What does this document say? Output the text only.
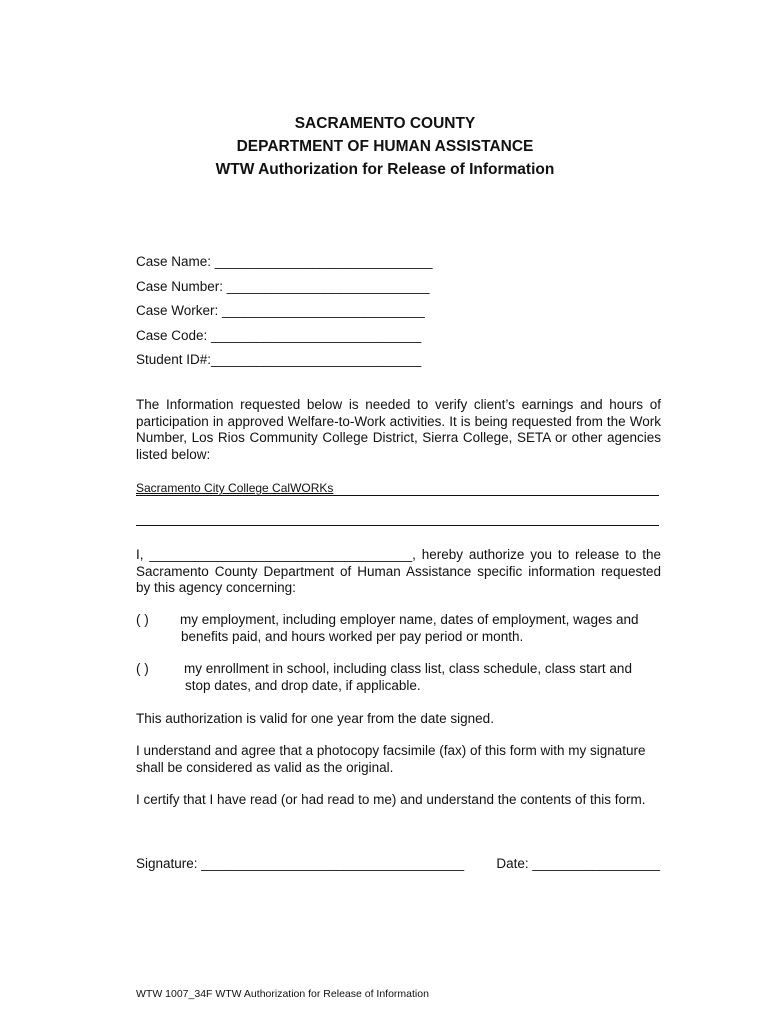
SACRAMENTO COUNTY
DEPARTMENT OF HUMAN ASSISTANCE
WTW Authorization for Release of Information
Case Name: _____________________________
Case Number: ___________________________
Case Worker: ___________________________
Case Code: ____________________________
Student ID#:____________________________
The Information requested below is needed to verify client’s earnings and hours of participation in approved Welfare-to-Work activities. It is being requested from the Work Number, Los Rios Community College District, Sierra College, SETA or other agencies listed below:
Sacramento City College CalWORKs
I, ___________________________________, hereby authorize you to release to the Sacramento County Department of Human Assistance specific information requested by this agency concerning:
( ) my employment, including employer name, dates of employment, wages and
benefits paid, and hours worked per pay period or month.
( )	my enrollment in school, including class list, class schedule, class start and
stop dates, and drop date, if applicable.
This authorization is valid for one year from the date signed.
I understand and agree that a photocopy facsimile (fax) of this form with my signature shall be considered as valid as the original.
I certify that I have read (or had read to me) and understand the contents of this form.
Signature: ___________________________________ Date: _________________
WTW 1007_34F WTW Authorization for Release of Information
